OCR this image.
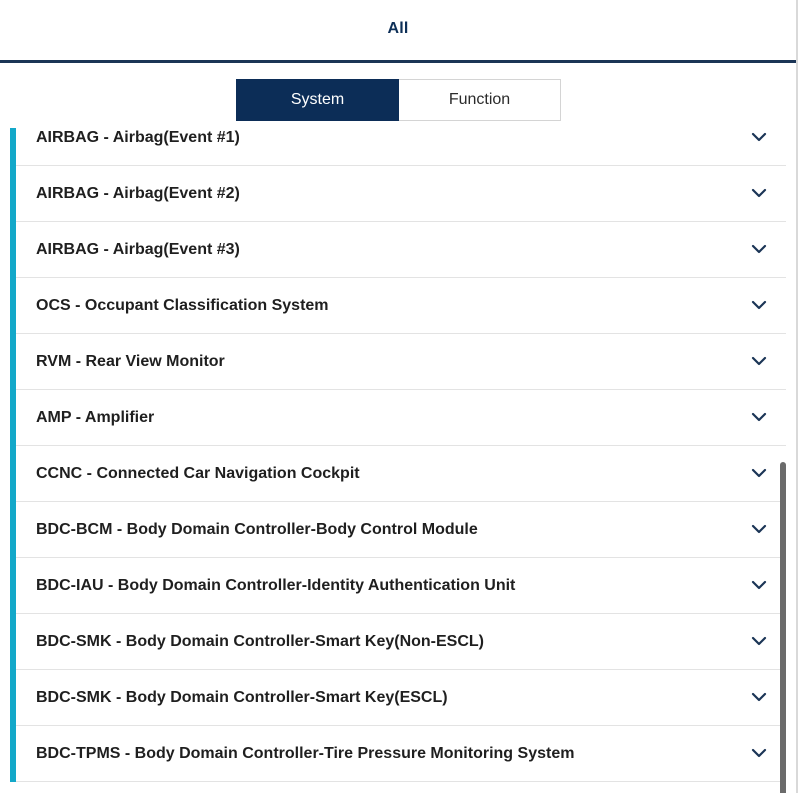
All
System	Function
AIRBAG - Airbag(Event #1)
AIRBAG - Airbag(Event #2)
AIRBAG - Airbag(Event #3)
OCS - Occupant Classification System
RVM - Rear View Monitor
AMP - Amplifier
CCNC - Connected Car Navigation Cockpit
BDC-BCM - Body Domain Controller-Body Control Module
BDC-IAU - Body Domain Controller-Identity Authentication Unit
BDC-SMK - Body Domain Controller-Smart Key(Non-ESCL)
BDC-SMK - Body Domain Controller-Smart Key(ESCL)
BDC-TPMS - Body Domain Controller-Tire Pressure Monitoring System
